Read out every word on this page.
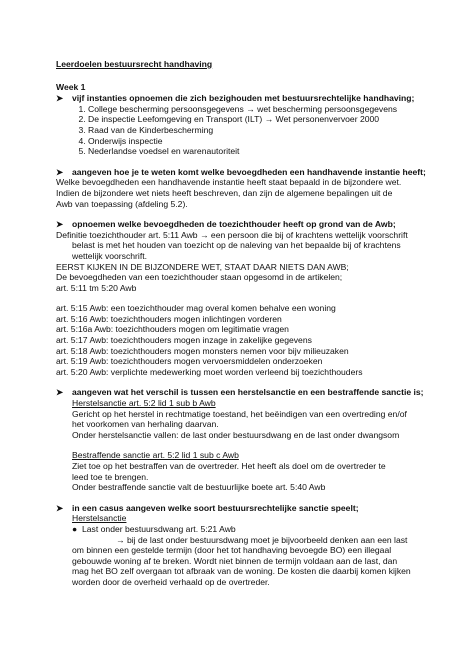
Leerdoelen bestuursrecht handhaving
Week 1
➤	vijf instanties opnoemen die zich bezighouden met bestuursrechtelijke handhaving;
1. College bescherming persoonsgegevens → wet bescherming persoonsgegevens
2. De inspectie Leefomgeving en Transport (ILT) → Wet personenvervoer 2000
3. Raad van de Kinderbescherming
4. Onderwijs inspectie
5. Nederlandse voedsel en warenautoriteit
➤	aangeven hoe je te weten komt welke bevoegdheden een handhavende instantie heeft;
Welke bevoegdheden een handhavende instantie heeft staat bepaald in de bijzondere wet.
Indien de bijzondere wet niets heeft beschreven, dan zijn de algemene bepalingen uit de
Awb van toepassing (afdeling 5.2).
➤	opnoemen welke bevoegdheden de toezichthouder heeft op grond van de Awb;
Definitie toezichthouder art. 5:11 Awb → een persoon die bij of krachtens wettelijk voorschrift
belast is met het houden van toezicht op de naleving van het bepaalde bij of krachtens
wettelijk voorschrift.
EERST KIJKEN IN DE BIJZONDERE WET, STAAT DAAR NIETS DAN AWB;
De bevoegdheden van een toezichthouder staan opgesomd in de artikelen;
art. 5:11 tm 5:20 Awb
art. 5:15 Awb: een toezichthouder mag overal komen behalve een woning
art. 5:16 Awb: toezichthouders mogen inlichtingen vorderen
art. 5:16a Awb: toezichthouders mogen om legitimatie vragen
art. 5:17 Awb: toezichthouders mogen inzage in zakelijke gegevens
art. 5:18 Awb: toezichthouders mogen monsters nemen voor bijv milieuzaken
art. 5:19 Awb: toezichthouders mogen vervoersmiddelen onderzoeken
art. 5:20 Awb: verplichte medewerking moet worden verleend bij toezichthouders
➤	aangeven wat het verschil is tussen een herstelsanctie en een bestraffende sanctie is;
Herstelsanctie art. 5:2 lid 1 sub b Awb
Gericht op het herstel in rechtmatige toestand, het beëindigen van een overtreding en/of
het voorkomen van herhaling daarvan.
Onder herstelsanctie vallen: de last onder bestuursdwang en de last onder dwangsom
Bestraffende sanctie art. 5:2 lid 1 sub c Awb
Ziet toe op het bestraffen van de overtreder. Het heeft als doel om de overtreder te
leed toe te brengen.
Onder bestraffende sanctie valt de bestuurlijke boete art. 5:40 Awb
➤	in een casus aangeven welke soort bestuursrechtelijke sanctie speelt;
Herstelsanctie
● Last onder bestuursdwang art. 5:21 Awb
→ bij de last onder bestuursdwang moet je bijvoorbeeld denken aan een last
om binnen een gestelde termijn (door het tot handhaving bevoegde BO) een illegaal
gebouwde woning af te breken. Wordt niet binnen de termijn voldaan aan de last, dan
mag het BO zelf overgaan tot afbraak van de woning. De kosten die daarbij komen kijken
worden door de overheid verhaald op de overtreder.
